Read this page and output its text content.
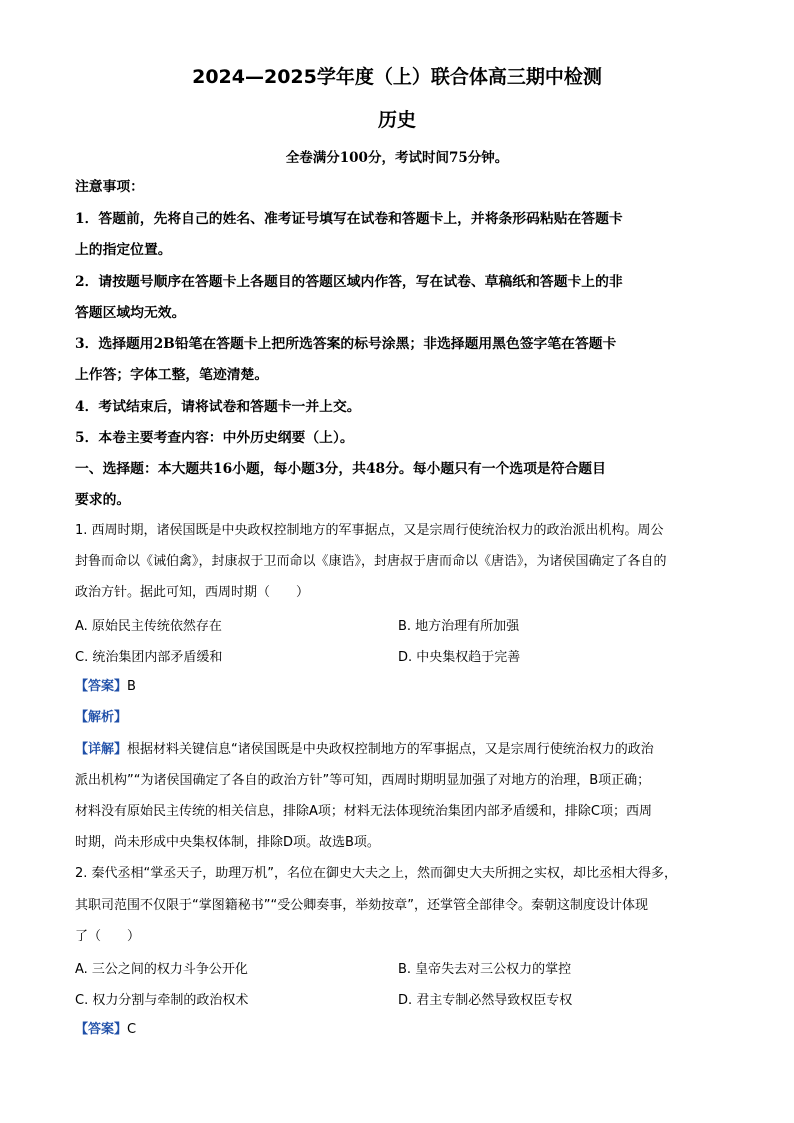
2024—2025学年度（上）联合体高三期中检测
历史
全卷满分100分，考试时间75分钟。
注意事项：
1．答题前，先将自己的姓名、准考证号填写在试卷和答题卡上，并将条形码粘贴在答题卡
上的指定位置。
2．请按题号顺序在答题卡上各题目的答题区域内作答，写在试卷、草稿纸和答题卡上的非
答题区域均无效。
3．选择题用2B铅笔在答题卡上把所选答案的标号涂黑；非选择题用黑色签字笔在答题卡
上作答；字体工整，笔迹清楚。
4．考试结束后，请将试卷和答题卡一并上交。
5．本卷主要考查内容：中外历史纲要（上）。
一、选择题：本大题共16小题，每小题3分，共48分。每小题只有一个选项是符合题目
要求的。
1. 西周时期，诸侯国既是中央政权控制地方的军事据点，又是宗周行使统治权力的政治派出机构。周公
封鲁而命以《诫伯禽》，封康叔于卫而命以《康诰》，封唐叔于唐而命以《唐诰》，为诸侯国确定了各自的
政治方针。据此可知，西周时期（　　）
A. 原始民主传统依然存在	B. 地方治理有所加强
C. 统治集团内部矛盾缓和	D. 中央集权趋于完善
【答案】B
【解析】
【详解】根据材料关键信息“诸侯国既是中央政权控制地方的军事据点，又是宗周行使统治权力的政治
派出机构”“为诸侯国确定了各自的政治方针”等可知，西周时期明显加强了对地方的治理，B项正确；
材料没有原始民主传统的相关信息，排除A项；材料无法体现统治集团内部矛盾缓和，排除C项；西周
时期，尚未形成中央集权体制，排除D项。故选B项。
2. 秦代丞相“掌丞天子，助理万机”，名位在御史大夫之上，然而御史大夫所拥之实权，却比丞相大得多，
其职司范围不仅限于“掌图籍秘书”“受公卿奏事，举劾按章”，还掌管全部律令。秦朝这制度设计体现
了（　　）
A. 三公之间的权力斗争公开化	B. 皇帝失去对三公权力的掌控
C. 权力分割与牵制的政治权术	D. 君主专制必然导致权臣专权
【答案】C
